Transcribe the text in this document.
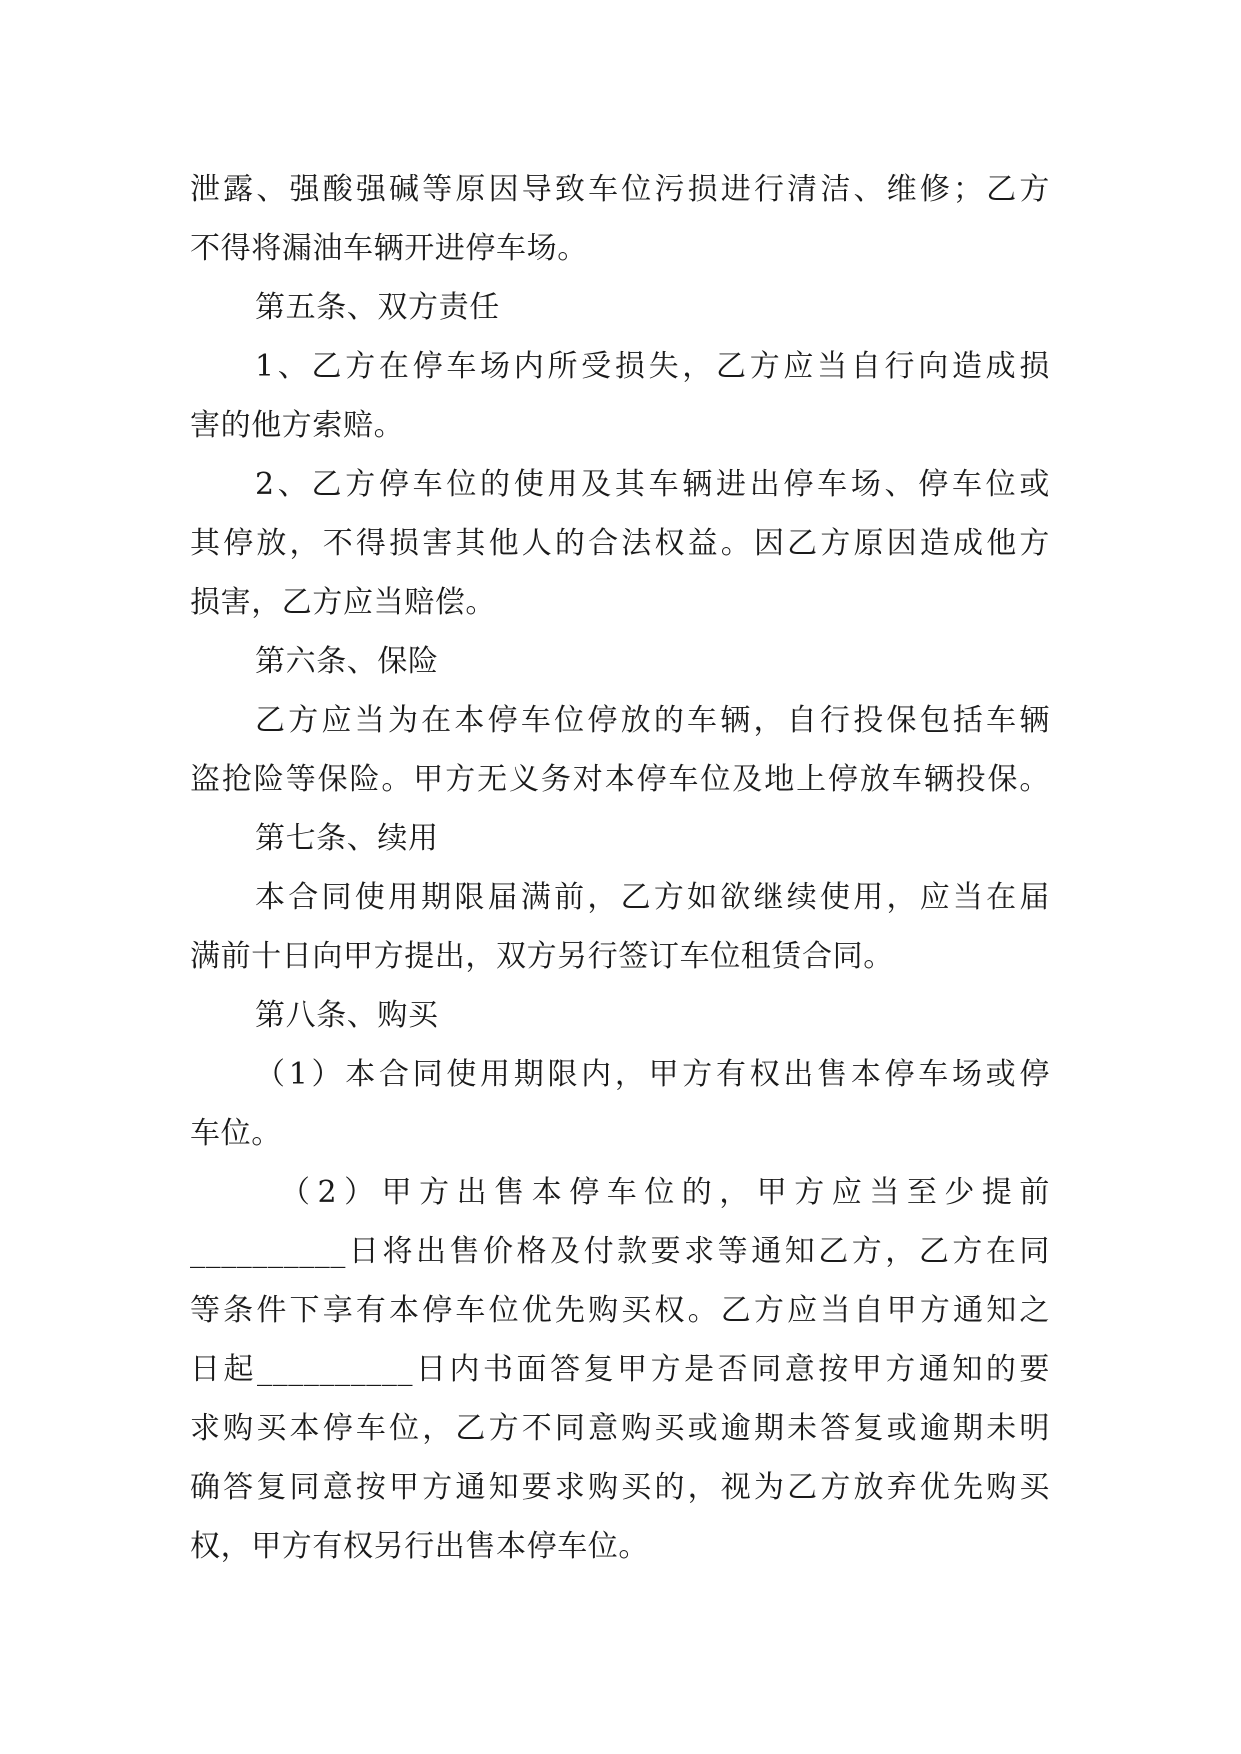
泄露、强酸强碱等原因导致车位污损进行清洁、维修；乙方
不得将漏油车辆开进停车场。
第五条、双方责任
1、乙方在停车场内所受损失，乙方应当自行向造成损
害的他方索赔。
2、乙方停车位的使用及其车辆进出停车场、停车位或
其停放，不得损害其他人的合法权益。因乙方原因造成他方
损害，乙方应当赔偿。
第六条、保险
乙方应当为在本停车位停放的车辆，自行投保包括车辆
盗抢险等保险。甲方无义务对本停车位及地上停放车辆投保。
第七条、续用
本合同使用期限届满前，乙方如欲继续使用，应当在届
满前十日向甲方提出，双方另行签订车位租赁合同。
第八条、购买
（1）本合同使用期限内，甲方有权出售本停车场或停
车位。
（2）甲方出售本停车位的，甲方应当至少提前
__________日将出售价格及付款要求等通知乙方，乙方在同
等条件下享有本停车位优先购买权。乙方应当自甲方通知之
日起__________日内书面答复甲方是否同意按甲方通知的要
求购买本停车位，乙方不同意购买或逾期未答复或逾期未明
确答复同意按甲方通知要求购买的，视为乙方放弃优先购买
权，甲方有权另行出售本停车位。
